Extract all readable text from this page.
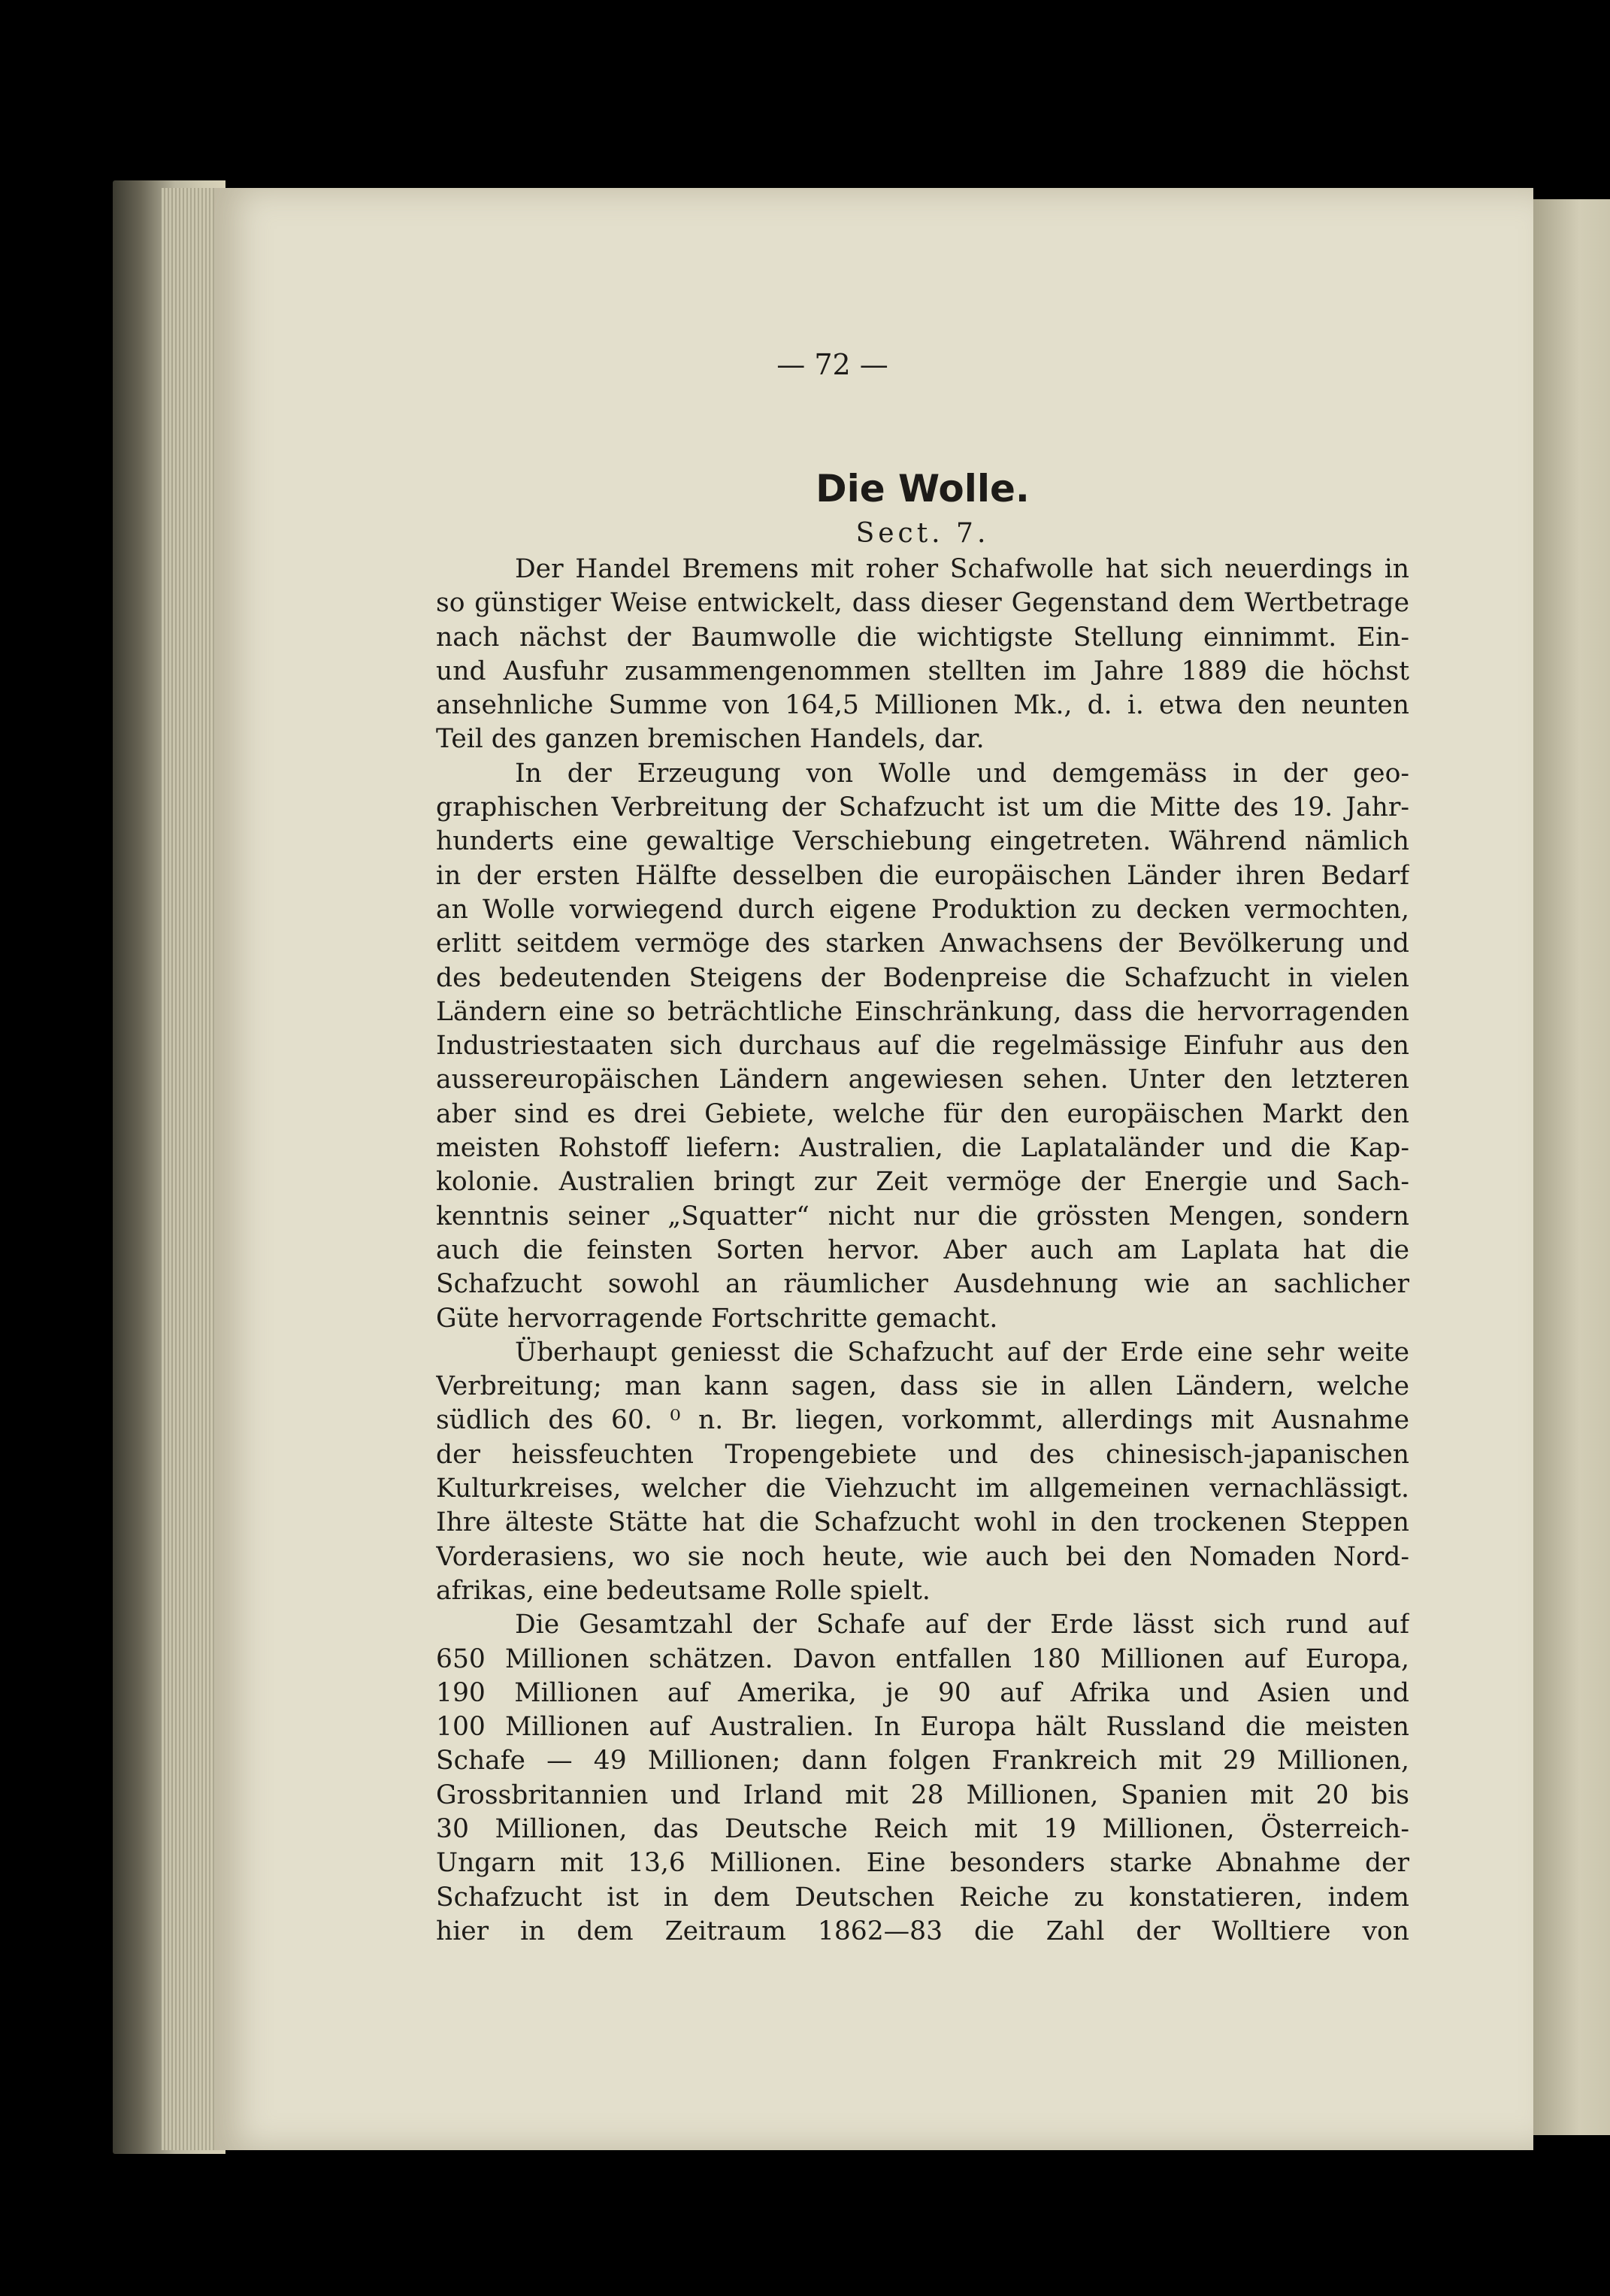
— 72 —
Die Wolle.
Sect. 7.
Der Handel Bremens mit roher Schafwolle hat sich neuerdings in
so günstiger Weise entwickelt, dass dieser Gegenstand dem Wertbetrage
nach nächst der Baumwolle die wichtigste Stellung einnimmt. Ein-
und Ausfuhr zusammengenommen stellten im Jahre 1889 die höchst
ansehnliche Summe von 164,5 Millionen Mk., d. i. etwa den neunten
Teil des ganzen bremischen Handels, dar.
In der Erzeugung von Wolle und demgemäss in der geo-
graphischen Verbreitung der Schafzucht ist um die Mitte des 19. Jahr-
hunderts eine gewaltige Verschiebung eingetreten. Während nämlich
in der ersten Hälfte desselben die europäischen Länder ihren Bedarf
an Wolle vorwiegend durch eigene Produktion zu decken vermochten,
erlitt seitdem vermöge des starken Anwachsens der Bevölkerung und
des bedeutenden Steigens der Bodenpreise die Schafzucht in vielen
Ländern eine so beträchtliche Einschränkung, dass die hervorragenden
Industriestaaten sich durchaus auf die regelmässige Einfuhr aus den
aussereuropäischen Ländern angewiesen sehen. Unter den letzteren
aber sind es drei Gebiete, welche für den europäischen Markt den
meisten Rohstoff liefern: Australien, die Laplataländer und die Kap-
kolonie. Australien bringt zur Zeit vermöge der Energie und Sach-
kenntnis seiner „Squatter“ nicht nur die grössten Mengen, sondern
auch die feinsten Sorten hervor. Aber auch am Laplata hat die
Schafzucht sowohl an räumlicher Ausdehnung wie an sachlicher
Güte hervorragende Fortschritte gemacht.
Überhaupt geniesst die Schafzucht auf der Erde eine sehr weite
Verbreitung; man kann sagen, dass sie in allen Ländern, welche
südlich des 60. ⁰ n. Br. liegen, vorkommt, allerdings mit Ausnahme
der heissfeuchten Tropengebiete und des chinesisch-japanischen
Kulturkreises, welcher die Viehzucht im allgemeinen vernachlässigt.
Ihre älteste Stätte hat die Schafzucht wohl in den trockenen Steppen
Vorderasiens, wo sie noch heute, wie auch bei den Nomaden Nord-
afrikas, eine bedeutsame Rolle spielt.
Die Gesamtzahl der Schafe auf der Erde lässt sich rund auf
650 Millionen schätzen. Davon entfallen 180 Millionen auf Europa,
190 Millionen auf Amerika, je 90 auf Afrika und Asien und
100 Millionen auf Australien. In Europa hält Russland die meisten
Schafe — 49 Millionen; dann folgen Frankreich mit 29 Millionen,
Grossbritannien und Irland mit 28 Millionen, Spanien mit 20 bis
30 Millionen, das Deutsche Reich mit 19 Millionen, Österreich-
Ungarn mit 13,6 Millionen. Eine besonders starke Abnahme der
Schafzucht ist in dem Deutschen Reiche zu konstatieren, indem
hier in dem Zeitraum 1862—83 die Zahl der Wolltiere von
